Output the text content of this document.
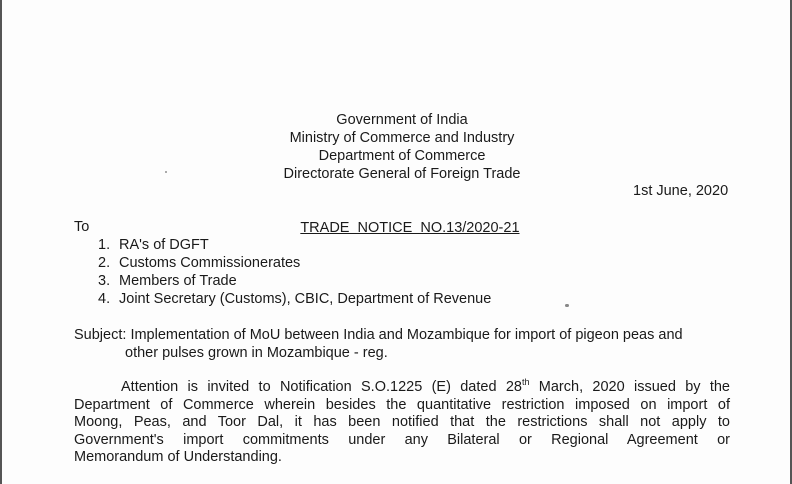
Government of India
Ministry of Commerce and Industry
Department of Commerce
Directorate General of Foreign Trade
1st June, 2020

TRADE  NOTICE  NO.13/2020-21

To
1. RA's of DGFT
2. Customs Commissionerates
3. Members of Trade
4. Joint Secretary (Customs), CBIC, Department of Revenue
Subject: Implementation of MoU between India and Mozambique for import of pigeon peas and
other pulses grown in Mozambique - reg.
Attention is invited to Notification S.O.1225 (E) dated 28th March, 2020 issued by the
Department of Commerce wherein besides the quantitative restriction imposed on import of
Moong, Peas, and Toor Dal, it has been notified that the restrictions shall not apply to
Government's import commitments under any Bilateral or Regional Agreement or
Memorandum of Understanding.
